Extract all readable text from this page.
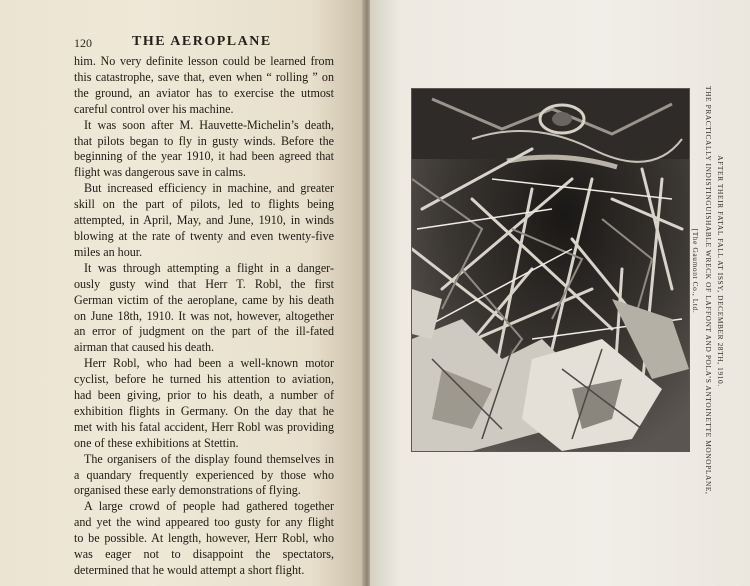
120	THE AEROPLANE
him. No very definite lesson could be learned from
this catastrophe, save that, even when “ rolling ” on
the ground, an aviator has to exercise the utmost
careful control over his machine.
It was soon after M. Hauvette-Michelin’s death,
that pilots began to fly in gusty winds. Before the
beginning of the year 1910, it had been agreed that
flight was dangerous save in calms.
But increased efficiency in machine, and greater
skill on the part of pilots, led to flights being
attempted, in April, May, and June, 1910, in winds
blowing at the rate of twenty and even twenty-five
miles an hour.
It was through attempting a flight in a danger-
ously gusty wind that Herr T. Robl, the first
German victim of the aeroplane, came by his death
on June 18th, 1910. It was not, however, altogether
an error of judgment on the part of the ill-fated
airman that caused his death.
Herr Robl, who had been a well-known motor
cyclist, before he turned his attention to aviation,
had been giving, prior to his death, a number of
exhibition flights in Germany. On the day that he
met with his fatal accident, Herr Robl was providing
one of these exhibitions at Stettin.
The organisers of the display found themselves in
a quandary frequently experienced by those who
organised these early demonstrations of flying.
A large crowd of people had gathered together
and yet the wind appeared too gusty for any flight
to be possible. At length, however, Herr Robl, who
was eager not to disappoint the spectators,
determined that he would attempt a short flight.
[The Gaumont Co., Ltd. THE PRACTICALLY INDISTINGUISHABLE WRECK OF LAFFONT AND POLA’S ANTOINETTE MONOPLANE, AFTER THEIR FATAL FALL AT ISSY, DECEMBER 28TH, 1910.
